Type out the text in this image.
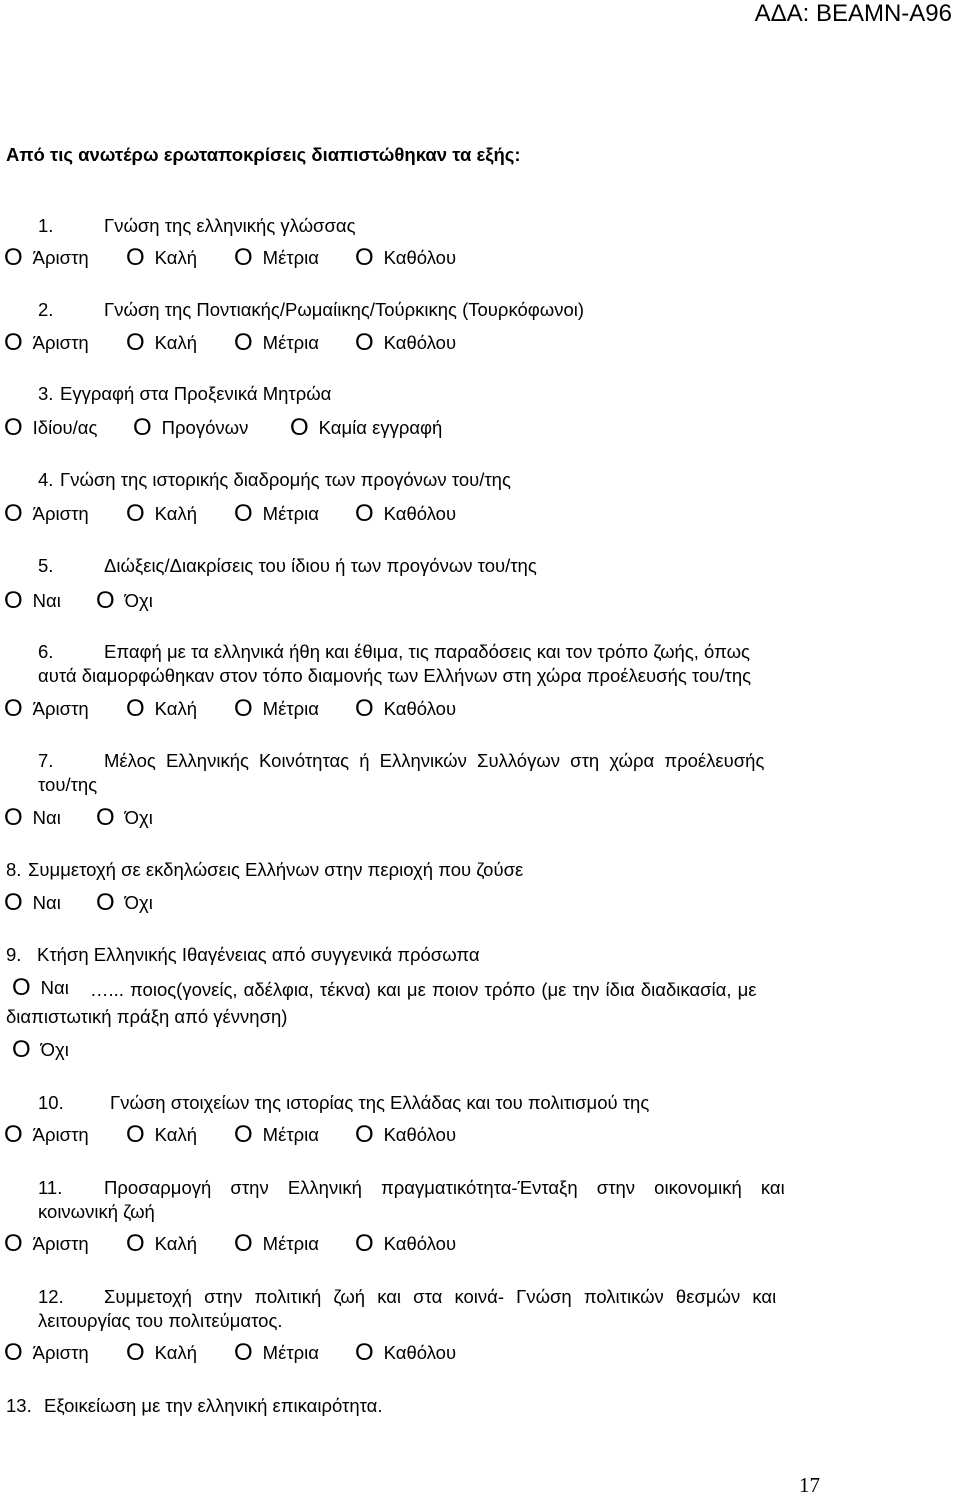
ΑΔΑ: ΒΕΑΜΝ-Α96
Από τις ανωτέρω ερωταποκρίσεις διαπιστώθηκαν τα εξής:
1.	Γνώση της ελληνικής γλώσσας
O Άριστη O Καλή O Μέτρια O Καθόλου
2.	Γνώση της Ποντιακής/Ρωμαίικης/Τούρκικης (Τουρκόφωνοι)
O Άριστη O Καλή O Μέτρια O Καθόλου
3. Εγγραφή στα Προξενικά Μητρώα
O Ιδίου/ας O Προγόνων O Καμία εγγραφή
4. Γνώση της ιστορικής διαδρομής των προγόνων του/της
O Άριστη O Καλή O Μέτρια O Καθόλου
5.	Διώξεις/Διακρίσεις του ίδιου ή των προγόνων του/της
O Ναι O Όχι
6.	Επαφή με τα ελληνικά ήθη και έθιμα, τις παραδόσεις και τον τρόπο ζωής, όπως
αυτά διαμορφώθηκαν στον τόπο διαμονής των Ελλήνων στη χώρα προέλευσής του/της
O Άριστη O Καλή O Μέτρια O Καθόλου
7.	Μέλος Ελληνικής Κοινότητας ή Ελληνικών Συλλόγων στη χώρα προέλευσής
του/της
O Ναι O Όχι
8. Συμμετοχή σε εκδηλώσεις Ελλήνων στην περιοχή που ζούσε
O Ναι O Όχι
9. Κτήση Ελληνικής Ιθαγένειας από συγγενικά πρόσωπα
O Ναι …... ποιος(γονείς, αδέλφια, τέκνα) και με ποιον τρόπο (με την ίδια διαδικασία, με
διαπιστωτική πράξη από γέννηση)
O Όχι
10.	Γνώση στοιχείων της ιστορίας της Ελλάδας και του πολιτισμού της
O Άριστη O Καλή O Μέτρια O Καθόλου
11. Προσαρμογή στην Ελληνική πραγματικότητα-Ένταξη στην οικονομική και
κοινωνική ζωή
O Άριστη O Καλή O Μέτρια O Καθόλου
12. Συμμετοχή στην πολιτική ζωή και στα κοινά- Γνώση πολιτικών θεσμών και
λειτουργίας του πολιτεύματος.
O Άριστη O Καλή O Μέτρια O Καθόλου
13. Εξοικείωση με την ελληνική επικαιρότητα.
17
